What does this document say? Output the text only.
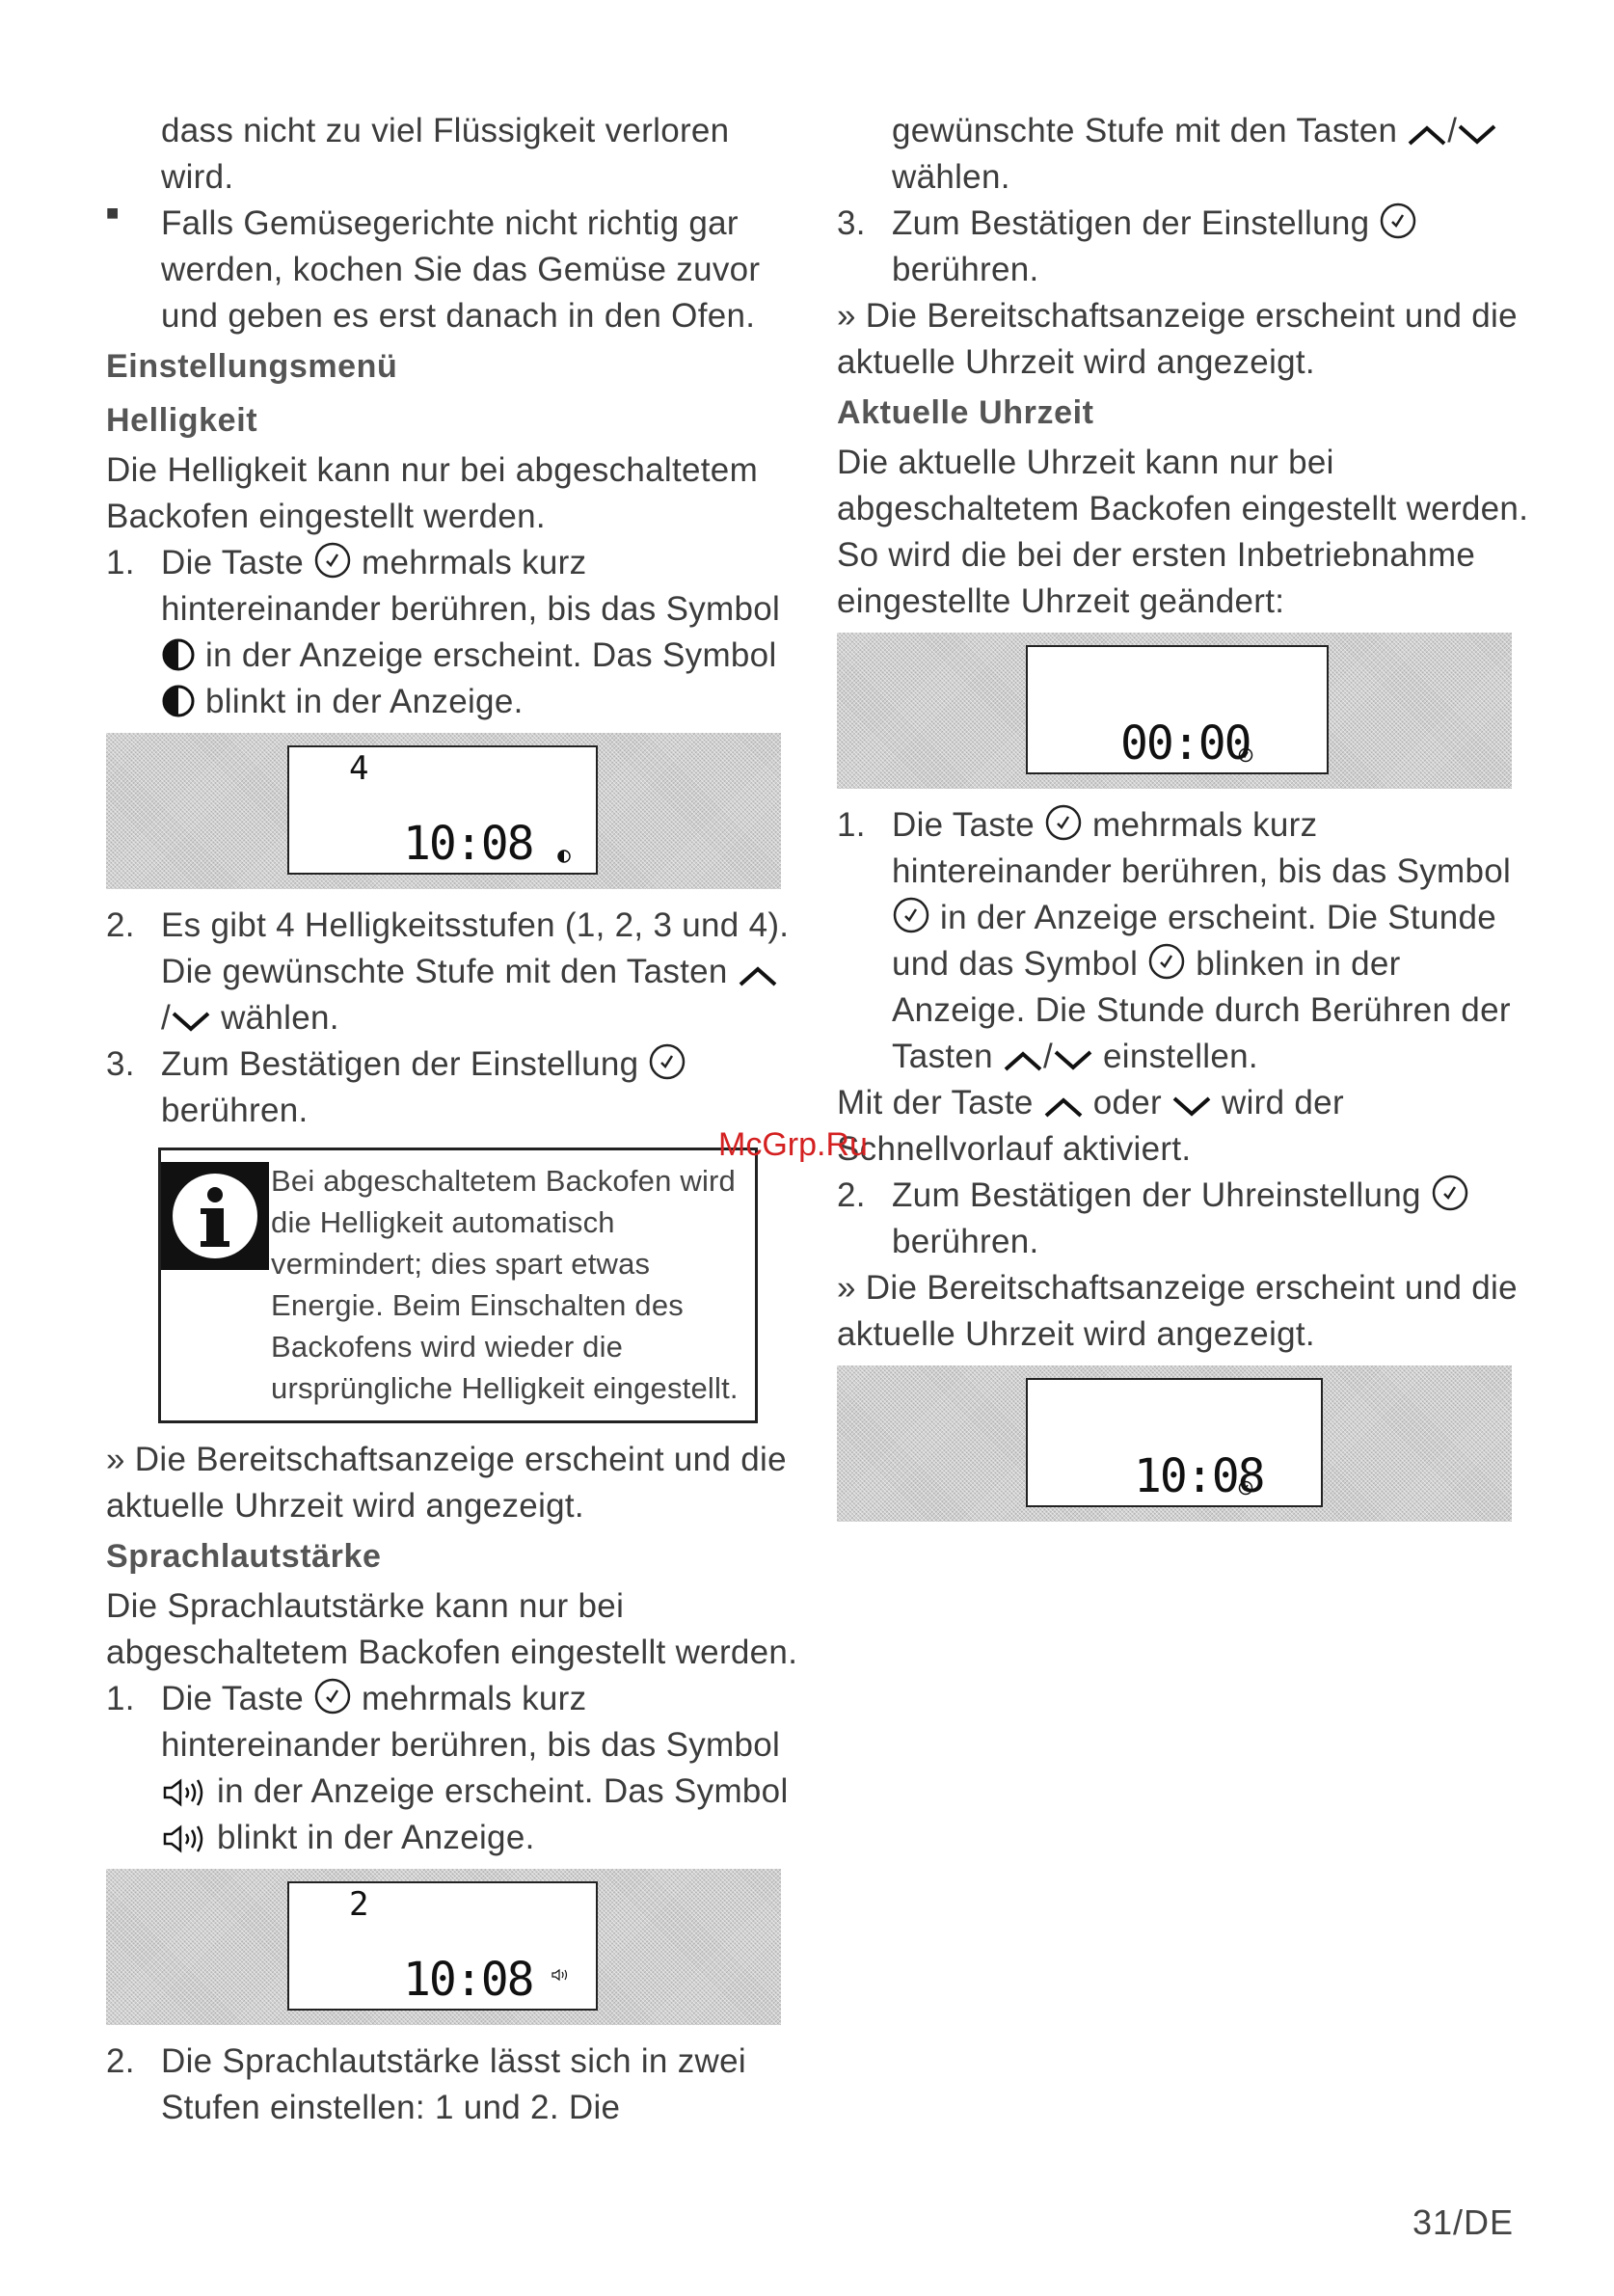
dass nicht zu viel Flüssigkeit verloren
wird.
■ Falls Gemüsegerichte nicht richtig gar
werden, kochen Sie das Gemüse zuvor
und geben es erst danach in den Ofen.
Einstellungsmenü
Helligkeit
Die Helligkeit kann nur bei abgeschaltetem
Backofen eingestellt werden.
1. Die Taste mehrmals kurz
hintereinander berühren, bis das Symbol
in der Anzeige erscheint. Das Symbol
blinkt in der Anzeige.
4
10:08
2. Es gibt 4 Helligkeitsstufen (1, 2, 3 und 4).
Die gewünschte Stufe mit den Tasten
/ wählen.
3. Zum Bestätigen der Einstellung
berühren.
Bei abgeschaltetem Backofen wird
die Helligkeit automatisch
vermindert; dies spart etwas
Energie. Beim Einschalten des
Backofens wird wieder die
ursprüngliche Helligkeit eingestellt.
» Die Bereitschaftsanzeige erscheint und die
aktuelle Uhrzeit wird angezeigt.
Sprachlautstärke
Die Sprachlautstärke kann nur bei
abgeschaltetem Backofen eingestellt werden.
1. Die Taste mehrmals kurz
hintereinander berühren, bis das Symbol
in der Anzeige erscheint. Das Symbol
blinkt in der Anzeige.
2
10:08
2. Die Sprachlautstärke lässt sich in zwei
Stufen einstellen: 1 und 2. Die
gewünschte Stufe mit den Tasten /
wählen.
3. Zum Bestätigen der Einstellung
berühren.
» Die Bereitschaftsanzeige erscheint und die
aktuelle Uhrzeit wird angezeigt.
Aktuelle Uhrzeit
Die aktuelle Uhrzeit kann nur bei
abgeschaltetem Backofen eingestellt werden.
So wird die bei der ersten Inbetriebnahme
eingestellte Uhrzeit geändert:
00:00
1. Die Taste mehrmals kurz
hintereinander berühren, bis das Symbol
in der Anzeige erscheint. Die Stunde
und das Symbol blinken in der
Anzeige. Die Stunde durch Berühren der
Tasten / einstellen.
Mit der Taste oder wird der
Schnellvorlauf aktiviert.
2. Zum Bestätigen der Uhreinstellung
berühren.
» Die Bereitschaftsanzeige erscheint und die
aktuelle Uhrzeit wird angezeigt.
10:08
McGrp.Ru
31/DE
